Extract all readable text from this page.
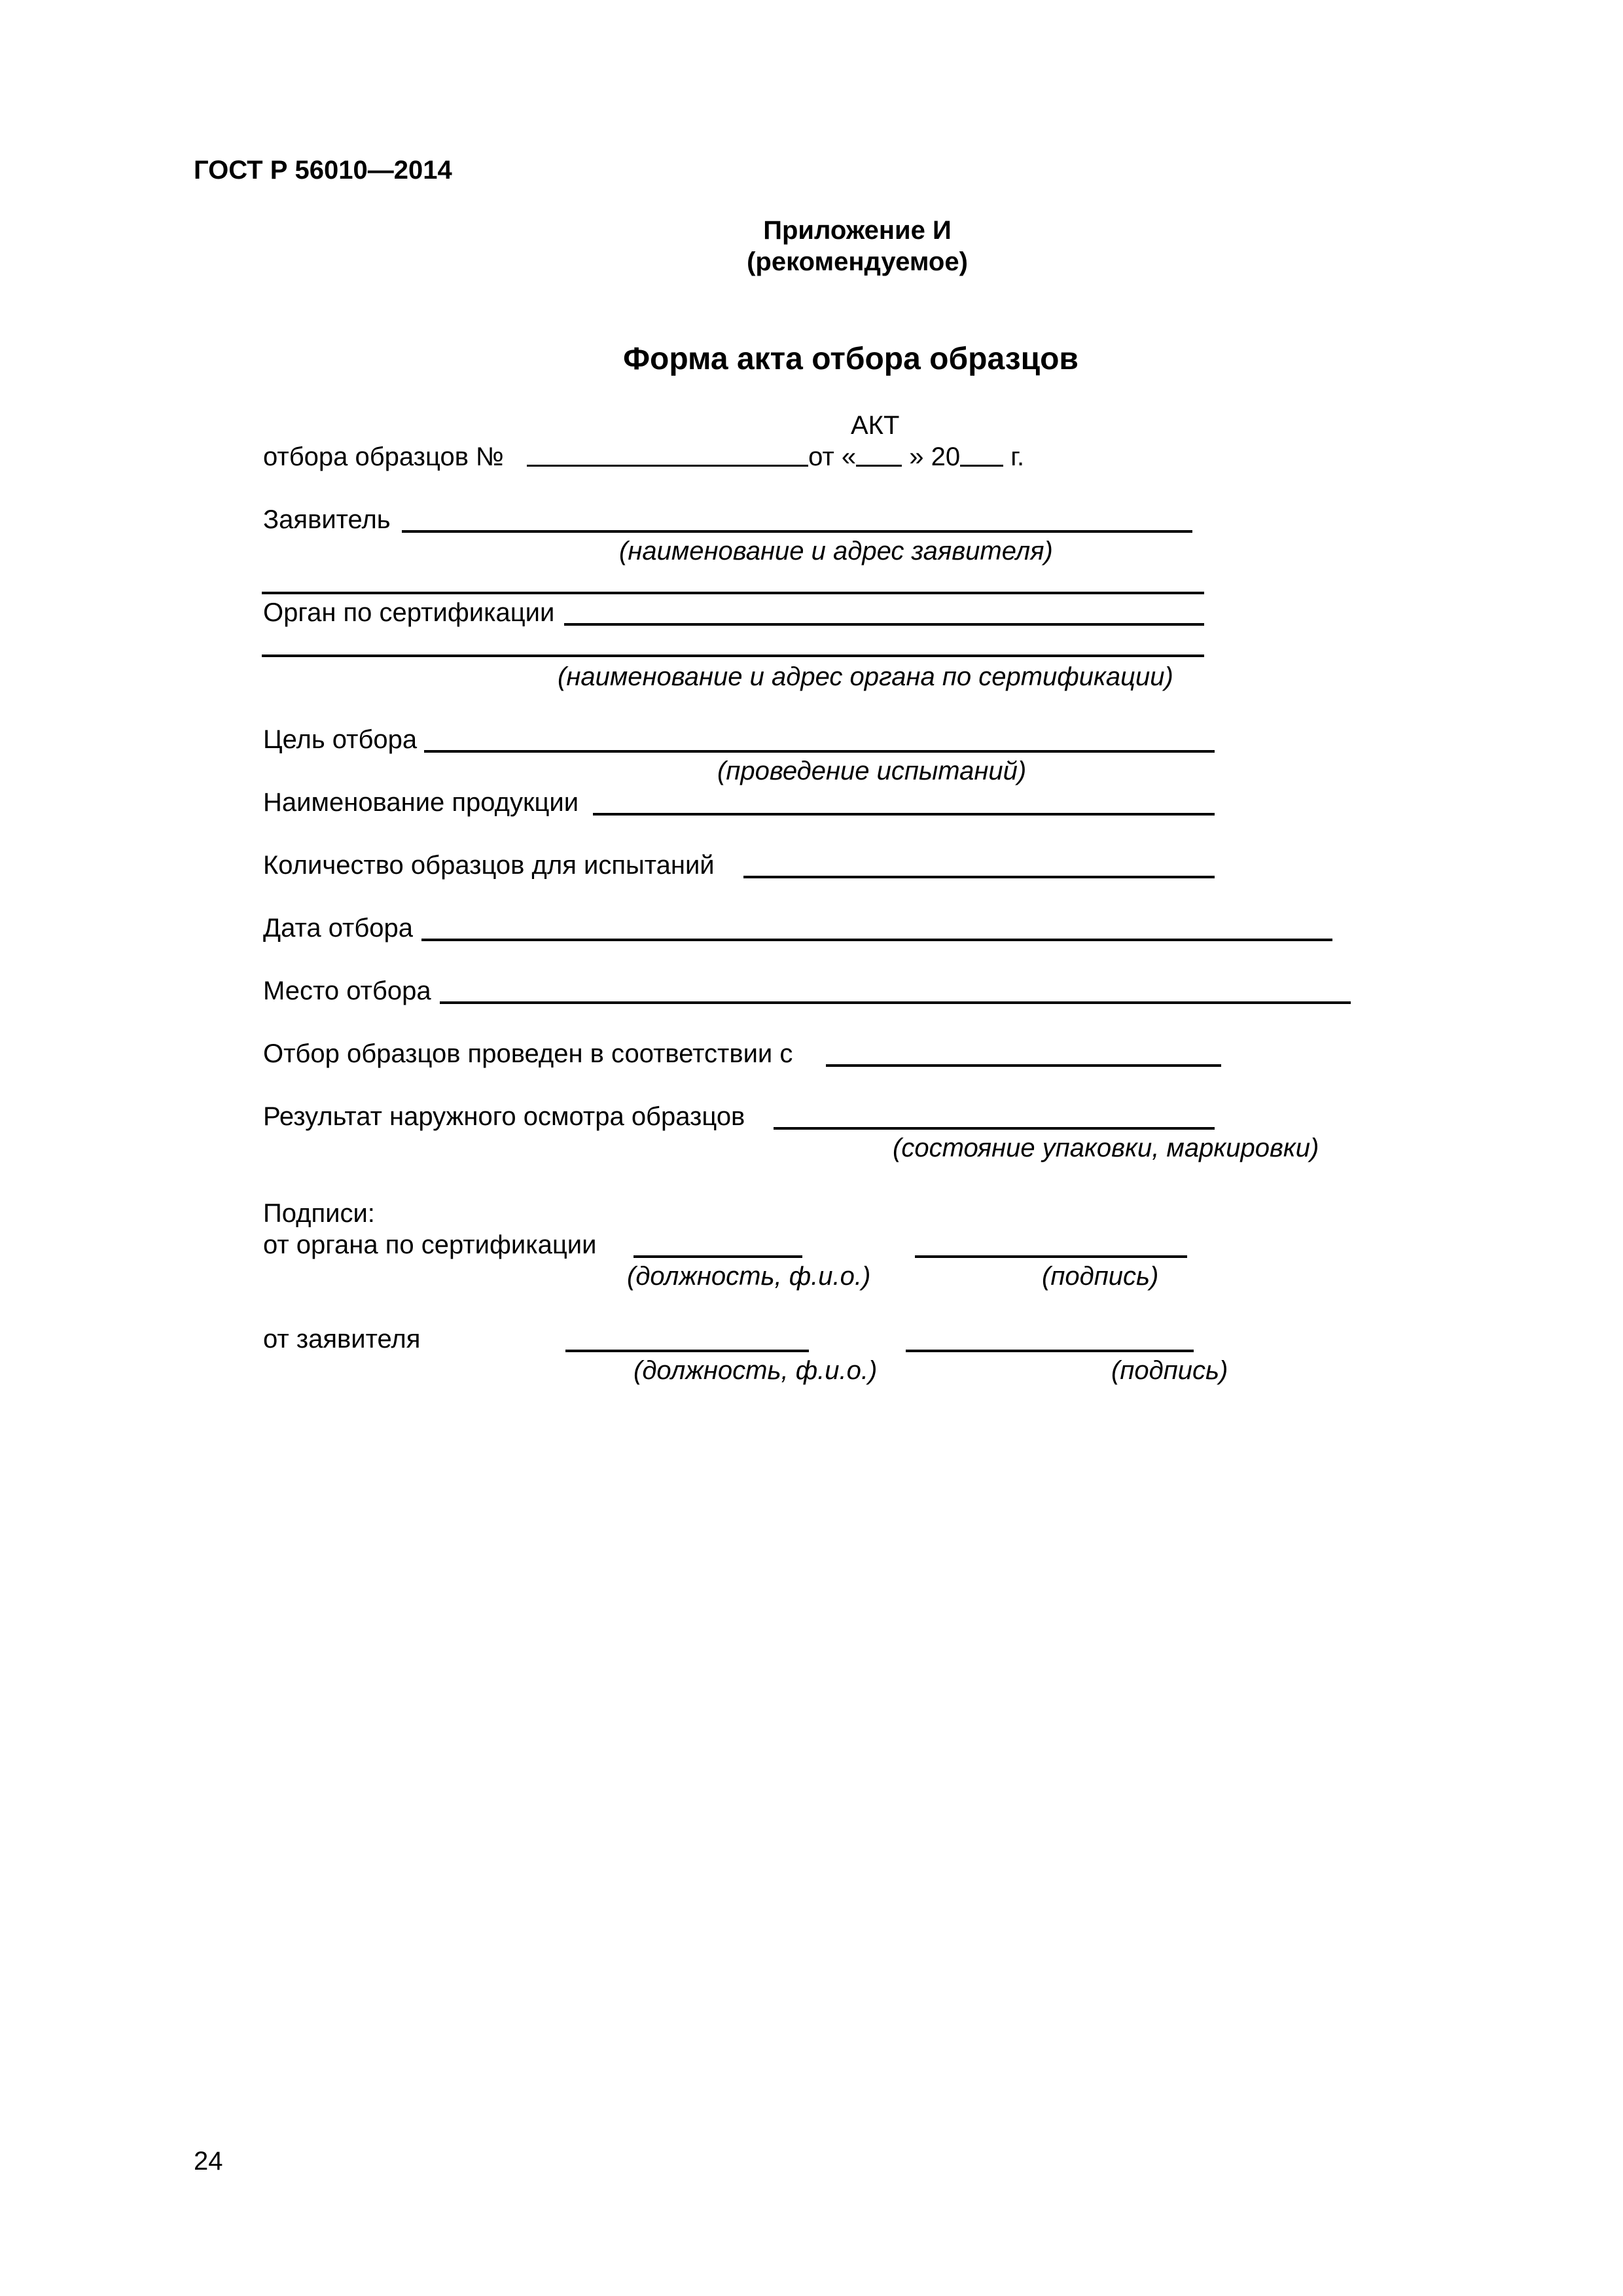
ГОСТ Р 56010—2014
Приложение И
(рекомендуемое)
Форма акта отбора образцов
АКТ
отбора образцов №	от « » 20 г.
Заявитель
(наименование и адрес заявителя)
Орган по сертификации
(наименование и адрес органа по сертификации)
Цель отбора
(проведение испытаний)
Наименование продукции
Количество образцов для испытаний
Дата отбора
Место отбора
Отбор образцов проведен в соответствии с
Результат наружного осмотра образцов
(состояние упаковки, маркировки)
Подписи:
от органа по сертификации
(должность, ф.и.о.)	(подпись)
от заявителя
(должность, ф.и.о.)	(подпись)
24
